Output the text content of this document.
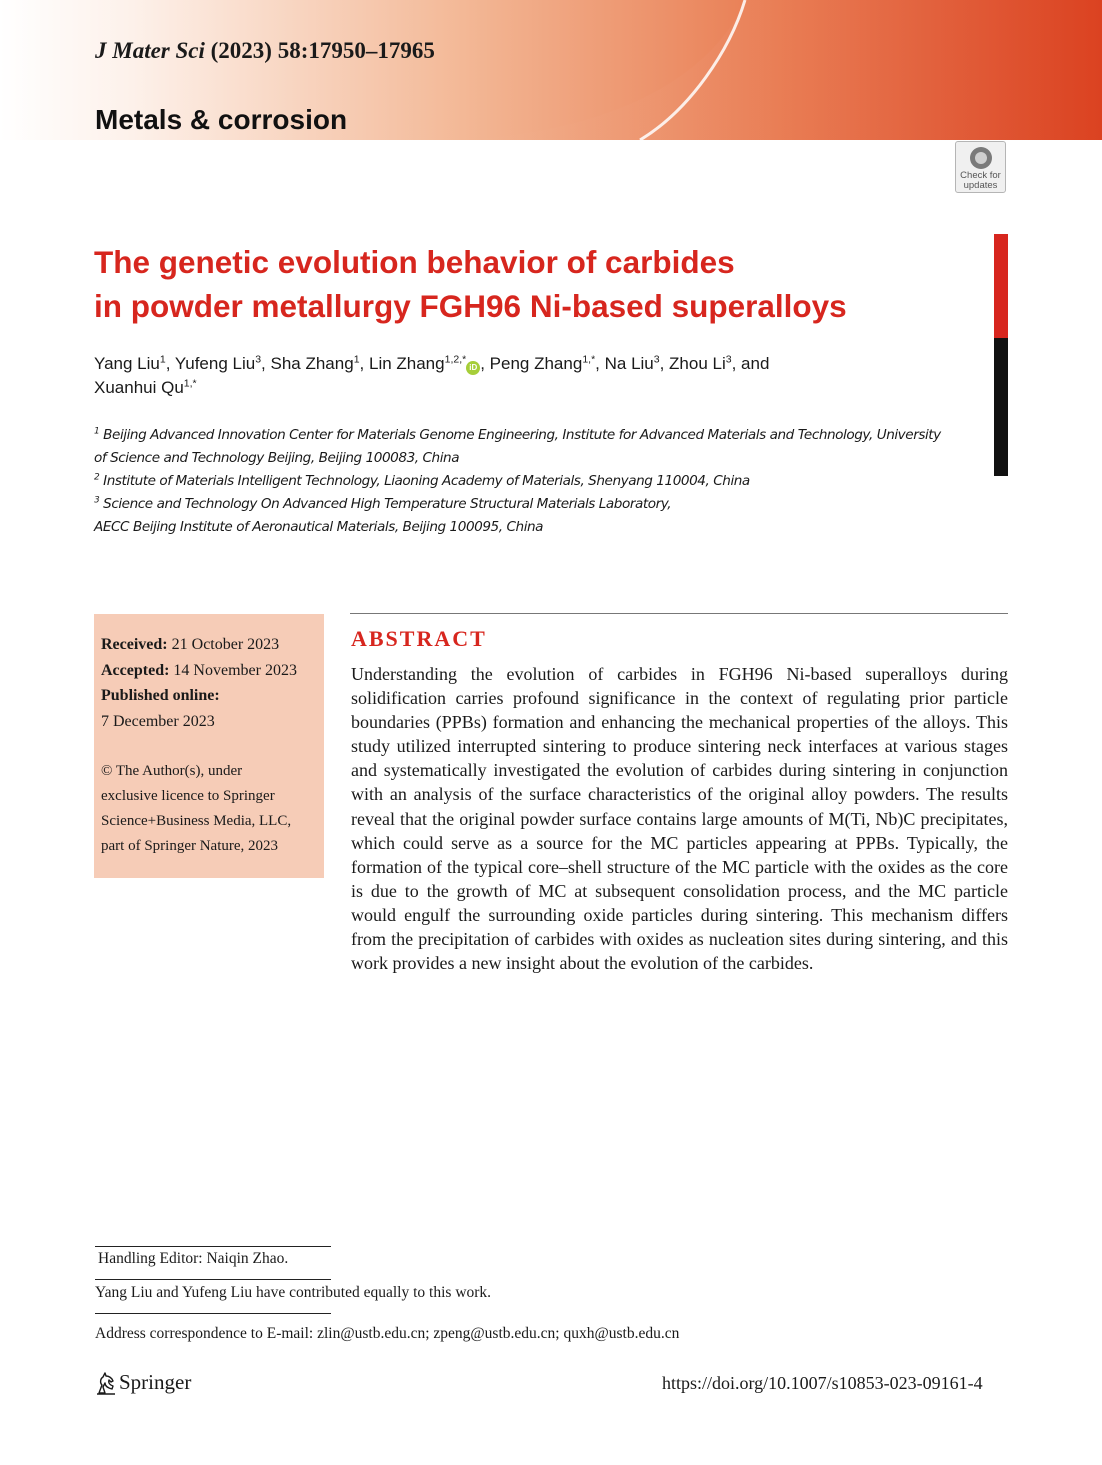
J Mater Sci (2023) 58:17950–17965
Metals & corrosion
Check for
updates
The genetic evolution behavior of carbides
in powder metallurgy FGH96 Ni-based superalloys
Yang Liu$^1$, Yufeng Liu$^3$, Sha Zhang$^1$, Lin Zhang$^{1,2,*}$iD , Peng Zhang$^{1,*}$, Na Liu$^3$, Zhou Li$^3$, and
Xuanhui $Qu^{1,*}$
$^1$ Beijing Advanced Innovation Center for Materials Genome Engineering, Institute for Advanced Materials and Technology, University
of Science and Technology Beijing, Beijing 100083, China
$^2$ Institute of Materials Intelligent Technology, Liaoning Academy of Materials, Shenyang 110004, China
$^3$ Science and Technology On Advanced High Temperature Structural Materials Laboratory,
AECC Beijing Institute of Aeronautical Materials, Beijing 100095, China
Received: 21 October 2023
Accepted: 14 November 2023
Published online:
7 December 2023
© The Author(s), under
exclusive licence to Springer
Science+Business Media, LLC,
part of Springer Nature, 2023
ABSTRACT
Understanding the evolution of carbides in FGH96 Ni-based superalloys during solidification carries profound significance in the context of regulating prior particle boundaries (PPBs) formation and enhancing the mechanical properties of the alloys. This study utilized interrupted sintering to produce sintering neck interfaces at various stages and systematically investigated the evolution of carbides during sintering in conjunction with an analysis of the surface characteristics of the original alloy powders. The results reveal that the original powder surface contains large amounts of M(Ti, Nb)C precipitates, which could serve as a source for the MC particles appearing at PPBs. Typically, the formation of the typical core–shell structure of the MC particle with the oxides as the core is due to the growth of MC at subsequent consolidation process, and the MC particle would engulf the surrounding oxide particles during sintering. This mechanism differs from the precipitation of carbides with oxides as nucleation sites during sintering, and this work provides a new insight about the evolution of the carbides.
Handling Editor: Naiqin Zhao.
Yang Liu and Yufeng Liu have contributed equally to this work.
Address correspondence to E-mail: zlin@ustb.edu.cn; zpeng@ustb.edu.cn; quxh@ustb.edu.cn
Springer	https://doi.org/10.1007/s10853-023-09161-4
